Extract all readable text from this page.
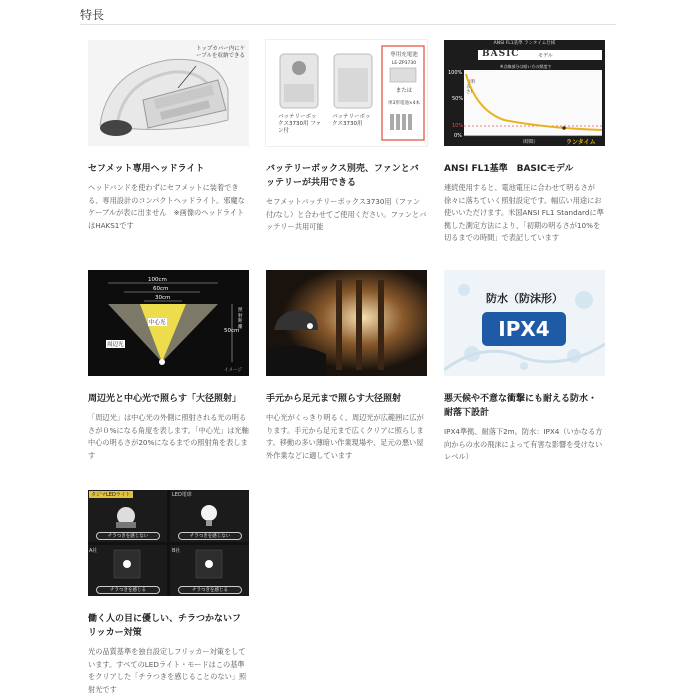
特長
トップカバー内にケーブルを収納できる
セフメット専用ヘッドライト
ヘッドバンドを使わずにセフメットに装着できる、専用設計のコンパクトヘッドライト。邪魔なケーブルが表に出ません　※画像のヘッドライトはHAKS1です
バッテリーボックス3730用 ファン付
バッテリーボックス3730用
専用充電池
LE-ZP3730
または
単3形電池×4本
バッテリーボックス別売、ファンとバッテリーが共用できる
セフメットバッテリーボックス3730用（ファン付/なし）と合わせてご使用ください。ファンとバッテリー共用可能
ANSI FL1基準 ランタイム仕様
BASIC	モデル
※点線部分は暗い方の照度で
100%
50%
10%
0%
（明るさ）
（時間）	ランタイム
ANSI FL1基準　BASICモデル
連続使用すると、電池電圧に合わせて明るさが徐々に落ちていく照射設定です。幅広い用途にお使いいただけます。米国ANSI FL1 Standardに準拠した測定方法により、「初期の明るさが10%を切るまでの時間」で表記しています
100cm
60cm
30cm
中心光
周辺光
50cm
照射距離
イメージ
周辺光と中心光で照らす「大径照射」
「周辺光」は中心光の外側に照射される光の明るさが０%になる角度を表します。「中心光」は光軸中心の明るさが20%になるまでの照射角を表します
手元から足元まで照らす大径照射
中心光がくっきり明るく、周辺光が広範囲に広がります。手元から足元まで広くクリアに照らします。移動の多い薄暗い作業現場や、足元の悪い屋外作業などに適しています
防水（防沫形）
IPX4
悪天候や不意な衝撃にも耐える防水・耐落下設計
IPX4準拠、耐落下2m。防水：IPX4（いかなる方向からの水の飛沫によって有害な影響を受けないレベル）
タジマLEDライト	LED電球
A社	B社
チラつきを感じない	チラつきを感じない
チラつきを感じる	チラつきを感じる
働く人の目に優しい、チラつかないフリッカー対策
光の品質基準を独自設定しフリッカー対策をしています。すべてのLEDライト・モードはこの基準をクリアした「チラつきを感じることのない」照射光です
